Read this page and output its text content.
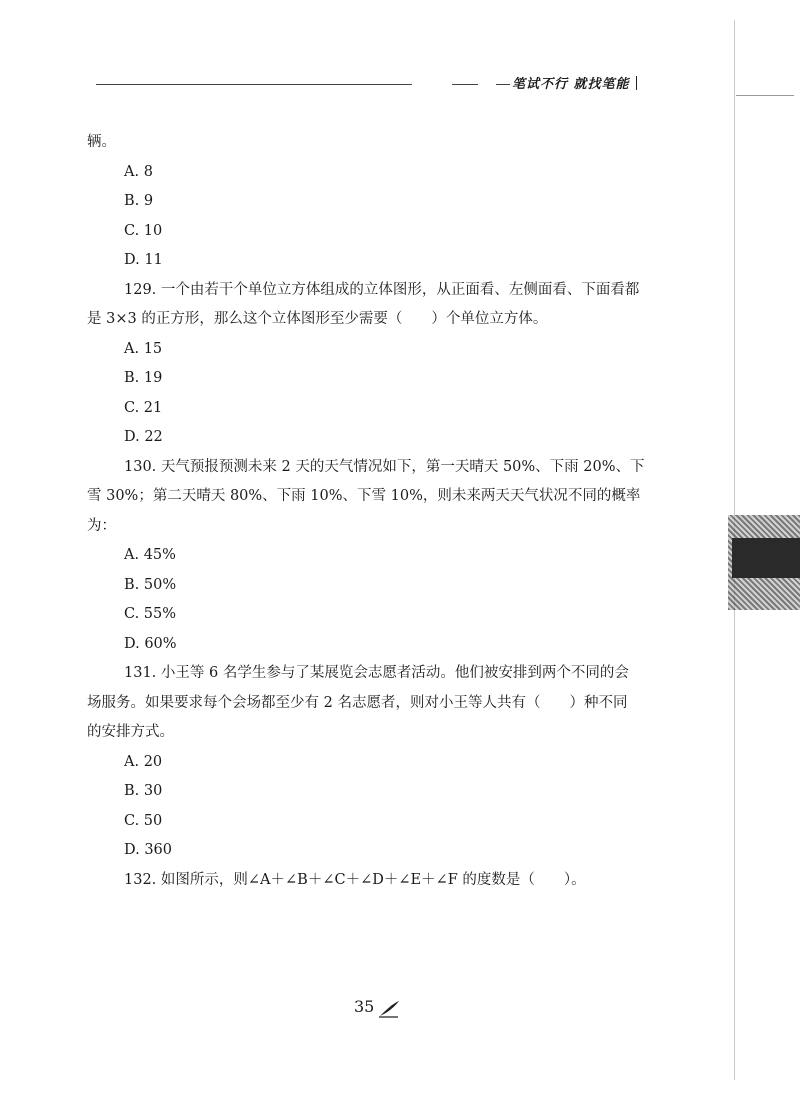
笔试不行 就找笔能
辆。
A. 8
B. 9
C. 10
D. 11
129. 一个由若干个单位立方体组成的立体图形，从正面看、左侧面看、下面看都
是 3×3 的正方形，那么这个立体图形至少需要（　　）个单位立方体。
A. 15
B. 19
C. 21
D. 22
130. 天气预报预测未来 2 天的天气情况如下，第一天晴天 50%、下雨 20%、下
雪 30%；第二天晴天 80%、下雨 10%、下雪 10%，则未来两天天气状况不同的概率
为：
A. 45%
B. 50%
C. 55%
D. 60%
131. 小王等 6 名学生参与了某展览会志愿者活动。他们被安排到两个不同的会
场服务。如果要求每个会场都至少有 2 名志愿者，则对小王等人共有（　　）种不同
的安排方式。
A. 20
B. 30
C. 50
D. 360
132. 如图所示，则∠A＋∠B＋∠C＋∠D＋∠E＋∠F 的度数是（　　）。
35
